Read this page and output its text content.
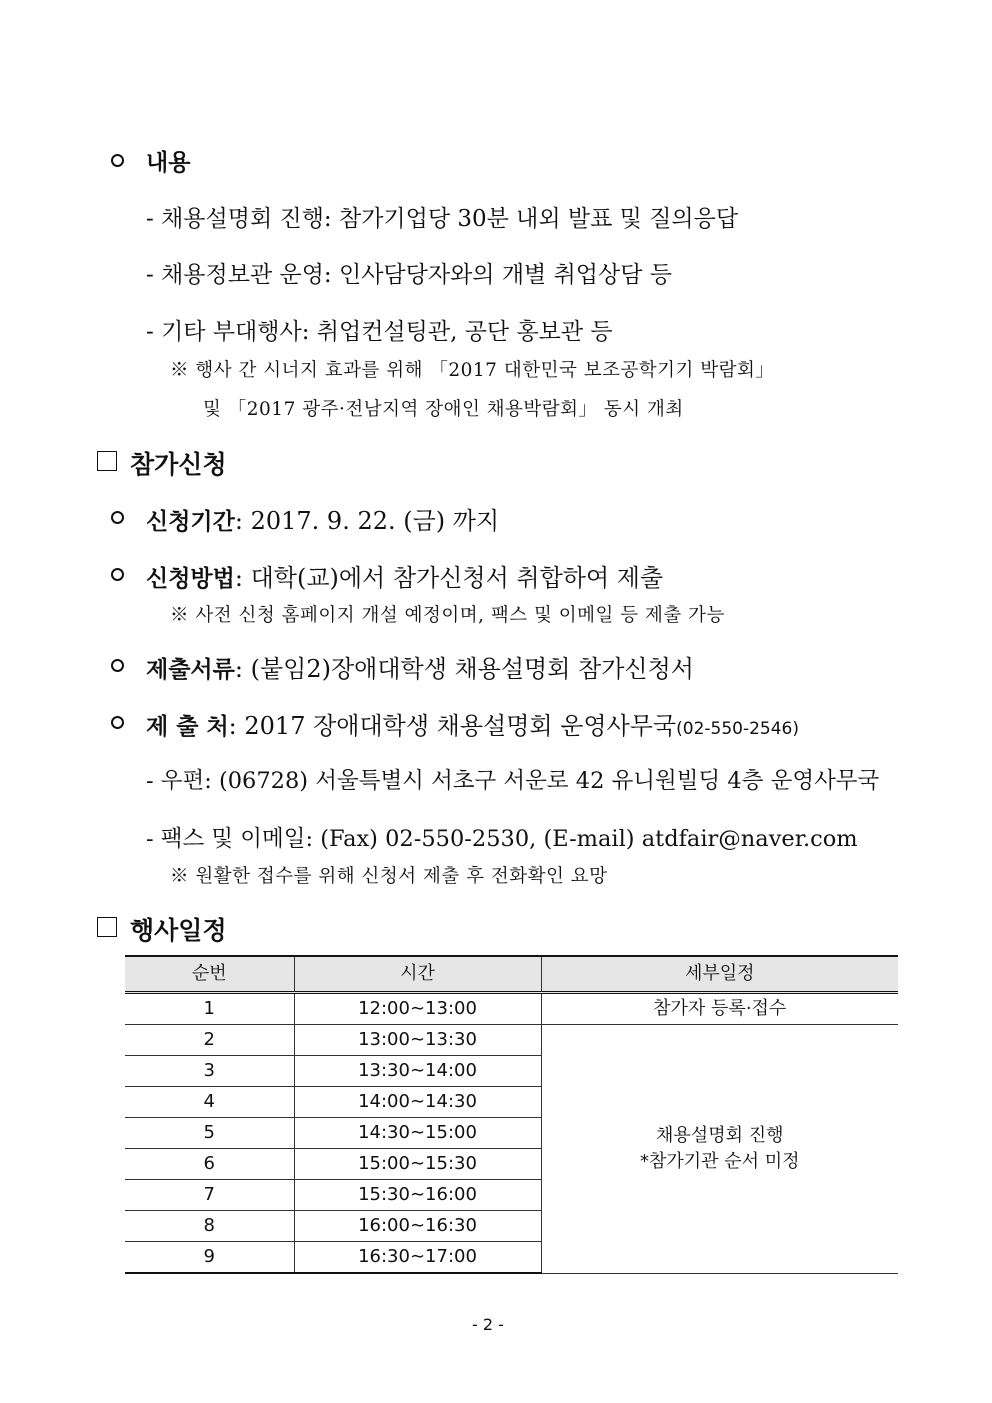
내용
- 채용설명회 진행: 참가기업당 30분 내외 발표 및 질의응답
- 채용정보관 운영: 인사담당자와의 개별 취업상담 등
- 기타 부대행사: 취업컨설팅관, 공단 홍보관 등
※ 행사 간 시너지 효과를 위해 「2017 대한민국 보조공학기기 박람회」
및 「2017 광주·전남지역 장애인 채용박람회」 동시 개최
참가신청
신청기간: 2017. 9. 22. (금) 까지
신청방법: 대학(교)에서 참가신청서 취합하여 제출
※ 사전 신청 홈페이지 개설 예정이며, 팩스 및 이메일 등 제출 가능
제출서류: (붙임2)장애대학생 채용설명회 참가신청서
제 출 처: 2017 장애대학생 채용설명회 운영사무국(02-550-2546)
- 우편: (06728) 서울특별시 서초구 서운로 42 유니원빌딩 4층 운영사무국
- 팩스 및 이메일: (Fax) 02-550-2530, (E-mail) atdfair@naver.com
※ 원활한 접수를 위해 신청서 제출 후 전화확인 요망
행사일정
순번	시간	세부일정
1	12:00∼13:00	참가자 등록·접수
2	13:00∼13:30	채용설명회 진행
*참가기관 순서 미정

3	13:30∼14:00	
4	14:00∼14:30	
5	14:30∼15:00	
6	15:00∼15:30	
7	15:30∼16:00	
8	16:00∼16:30	
9	16:30∼17:00	
- 2 -
